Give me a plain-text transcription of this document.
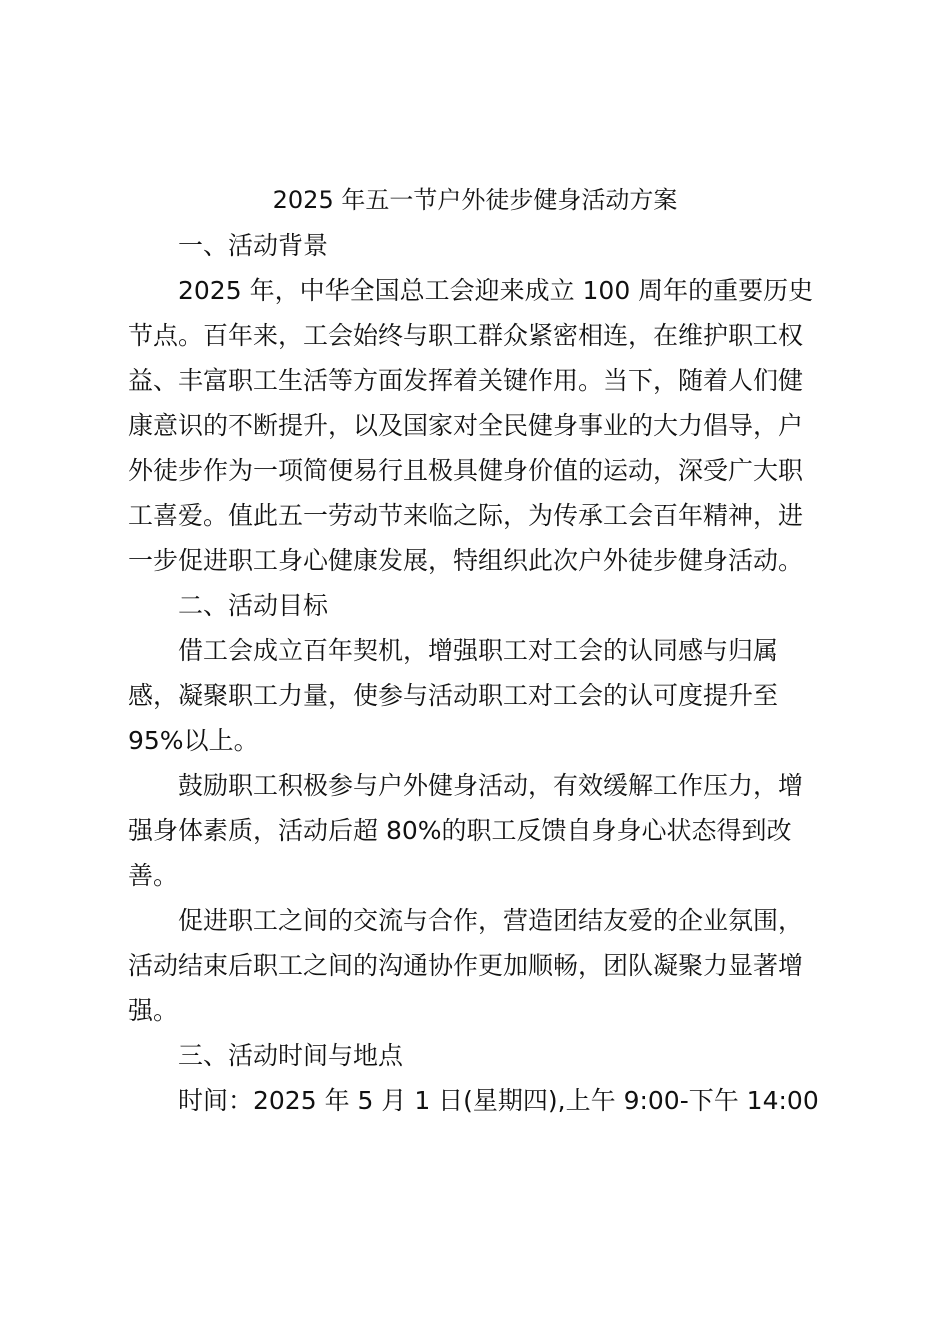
2025 年五一节户外徒步健身活动方案
一、活动背景
2025 年，中华全国总工会迎来成立 100 周年的重要历史
节点。百年来，工会始终与职工群众紧密相连，在维护职工权
益、丰富职工生活等方面发挥着关键作用。当下，随着人们健
康意识的不断提升，以及国家对全民健身事业的大力倡导，户
外徒步作为一项简便易行且极具健身价值的运动，深受广大职
工喜爱。值此五一劳动节来临之际，为传承工会百年精神，进
一步促进职工身心健康发展，特组织此次户外徒步健身活动。
二、活动目标
借工会成立百年契机，增强职工对工会的认同感与归属
感，凝聚职工力量，使参与活动职工对工会的认可度提升至
95%以上。
鼓励职工积极参与户外健身活动，有效缓解工作压力，增
强身体素质，活动后超 80%的职工反馈自身身心状态得到改
善。
促进职工之间的交流与合作，营造团结友爱的企业氛围，
活动结束后职工之间的沟通协作更加顺畅，团队凝聚力显著增
强。
三、活动时间与地点
时间：2025 年 5 月 1 日(星期四),上午 9:00-下午 14:00
